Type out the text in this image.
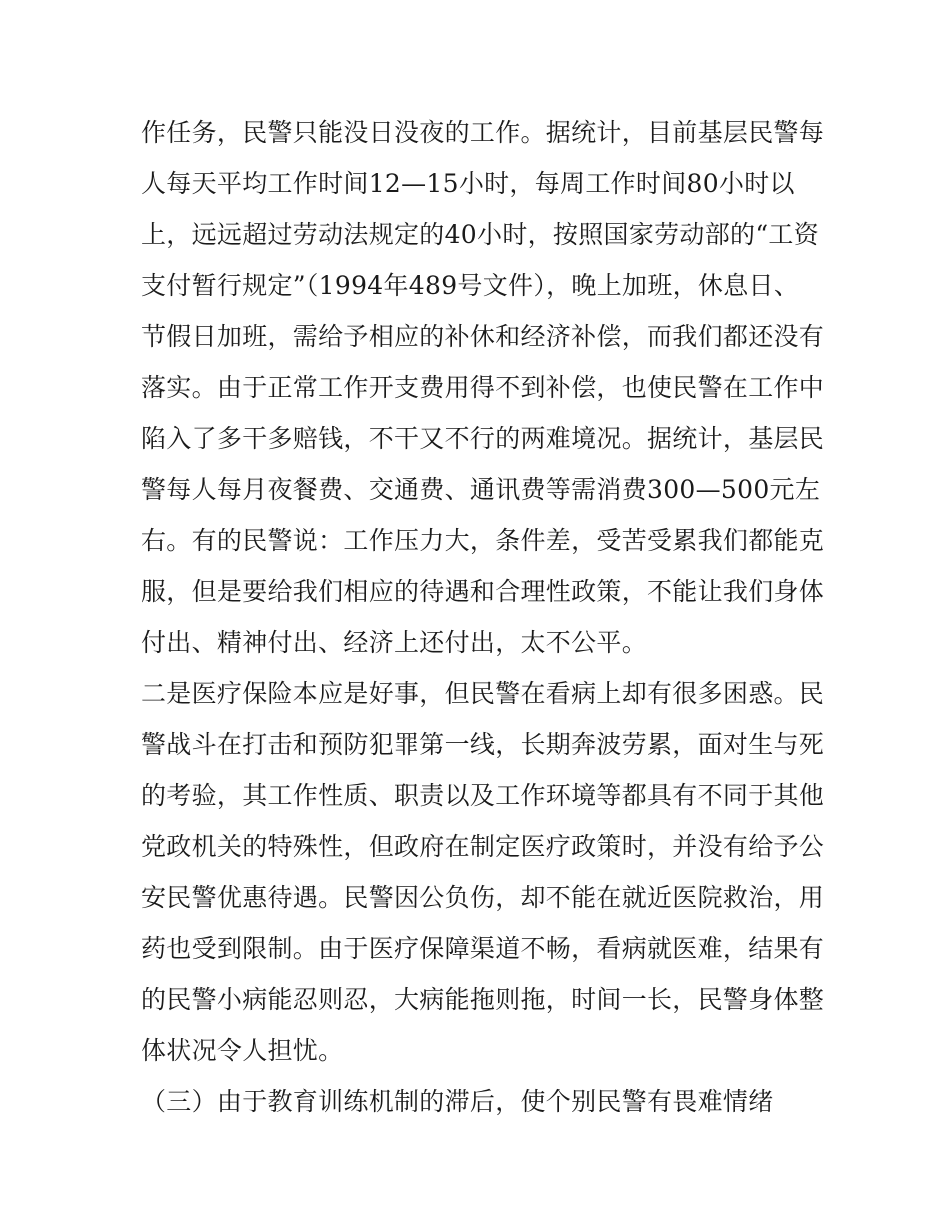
作任务，民警只能没日没夜的工作。据统计，目前基层民警每
人每天平均工作时间12—15小时，每周工作时间80小时以
上，远远超过劳动法规定的40小时，按照国家劳动部的“工资
支付暂行规定”（1994年489号文件），晚上加班，休息日、
节假日加班，需给予相应的补休和经济补偿，而我们都还没有
落实。由于正常工作开支费用得不到补偿，也使民警在工作中
陷入了多干多赔钱，不干又不行的两难境况。据统计，基层民
警每人每月夜餐费、交通费、通讯费等需消费300—500元左
右。有的民警说：工作压力大，条件差，受苦受累我们都能克
服，但是要给我们相应的待遇和合理性政策，不能让我们身体
付出、精神付出、经济上还付出，太不公平。
二是医疗保险本应是好事，但民警在看病上却有很多困惑。民
警战斗在打击和预防犯罪第一线，长期奔波劳累，面对生与死
的考验，其工作性质、职责以及工作环境等都具有不同于其他
党政机关的特殊性，但政府在制定医疗政策时，并没有给予公
安民警优惠待遇。民警因公负伤，却不能在就近医院救治，用
药也受到限制。由于医疗保障渠道不畅，看病就医难，结果有
的民警小病能忍则忍，大病能拖则拖，时间一长，民警身体整
体状况令人担忧。
（三）由于教育训练机制的滞后，使个别民警有畏难情绪
